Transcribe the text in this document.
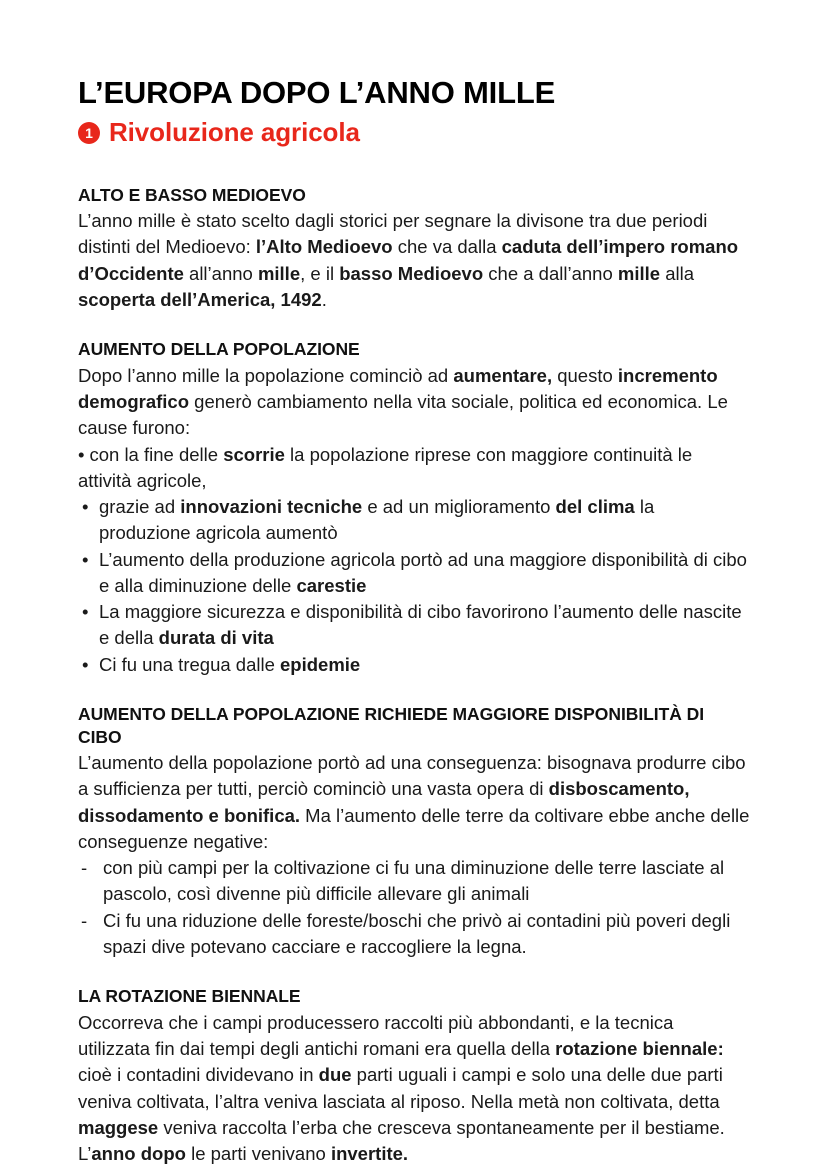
L’EUROPA DOPO L’ANNO MILLE
1 Rivoluzione agricola
ALTO E BASSO MEDIOEVO

L’anno mille è stato scelto dagli storici per segnare la divisone tra due periodi distinti del Medioevo: l’Alto Medioevo che va dalla caduta dell’impero romano d’Occidente all’anno mille, e il basso Medioevo che a dall’anno mille alla scoperta dell’America, 1492.

AUMENTO DELLA POPOLAZIONE

Dopo l’anno mille la popolazione cominciò ad aumentare, questo incremento demografico generò cambiamento nella vita sociale, politica ed economica. Le cause furono:

• con la fine delle scorrie la popolazione riprese con maggiore continuità le attività agricole,
• grazie ad innovazioni tecniche e ad un miglioramento del clima la produzione agricola aumentò
• L’aumento della produzione agricola portò ad una maggiore disponibilità di cibo e alla diminuzione delle carestie
• La maggiore sicurezza e disponibilità di cibo favorirono l’aumento delle nascite e della durata di vita
• Ci fu una tregua dalle epidemie
AUMENTO DELLA POPOLAZIONE RICHIEDE MAGGIORE DISPONIBILITÀ DI CIBO

L’aumento della popolazione portò ad una conseguenza: bisognava produrre cibo a sufficienza per tutti, perciò cominciò una vasta opera di disboscamento, dissodamento e bonifica. Ma l’aumento delle terre da coltivare ebbe anche delle conseguenze negative:

- con più campi per la coltivazione ci fu una diminuzione delle terre lasciate al pascolo, così divenne più difficile allevare gli animali
- Ci fu una riduzione delle foreste/boschi che privò ai contadini più poveri degli spazi dive potevano cacciare e raccogliere la legna.
LA ROTAZIONE BIENNALE

Occorreva che i campi producessero raccolti più abbondanti, e la tecnica utilizzata fin dai tempi degli antichi romani era quella della rotazione biennale: cioè i contadini dividevano in due parti uguali i campi e solo una delle due parti veniva coltivata, l’altra veniva lasciata al riposo. Nella metà non coltivata, detta maggese veniva raccolta l’erba che cresceva spontaneamente per il bestiame. L’anno dopo le parti venivano invertite.
